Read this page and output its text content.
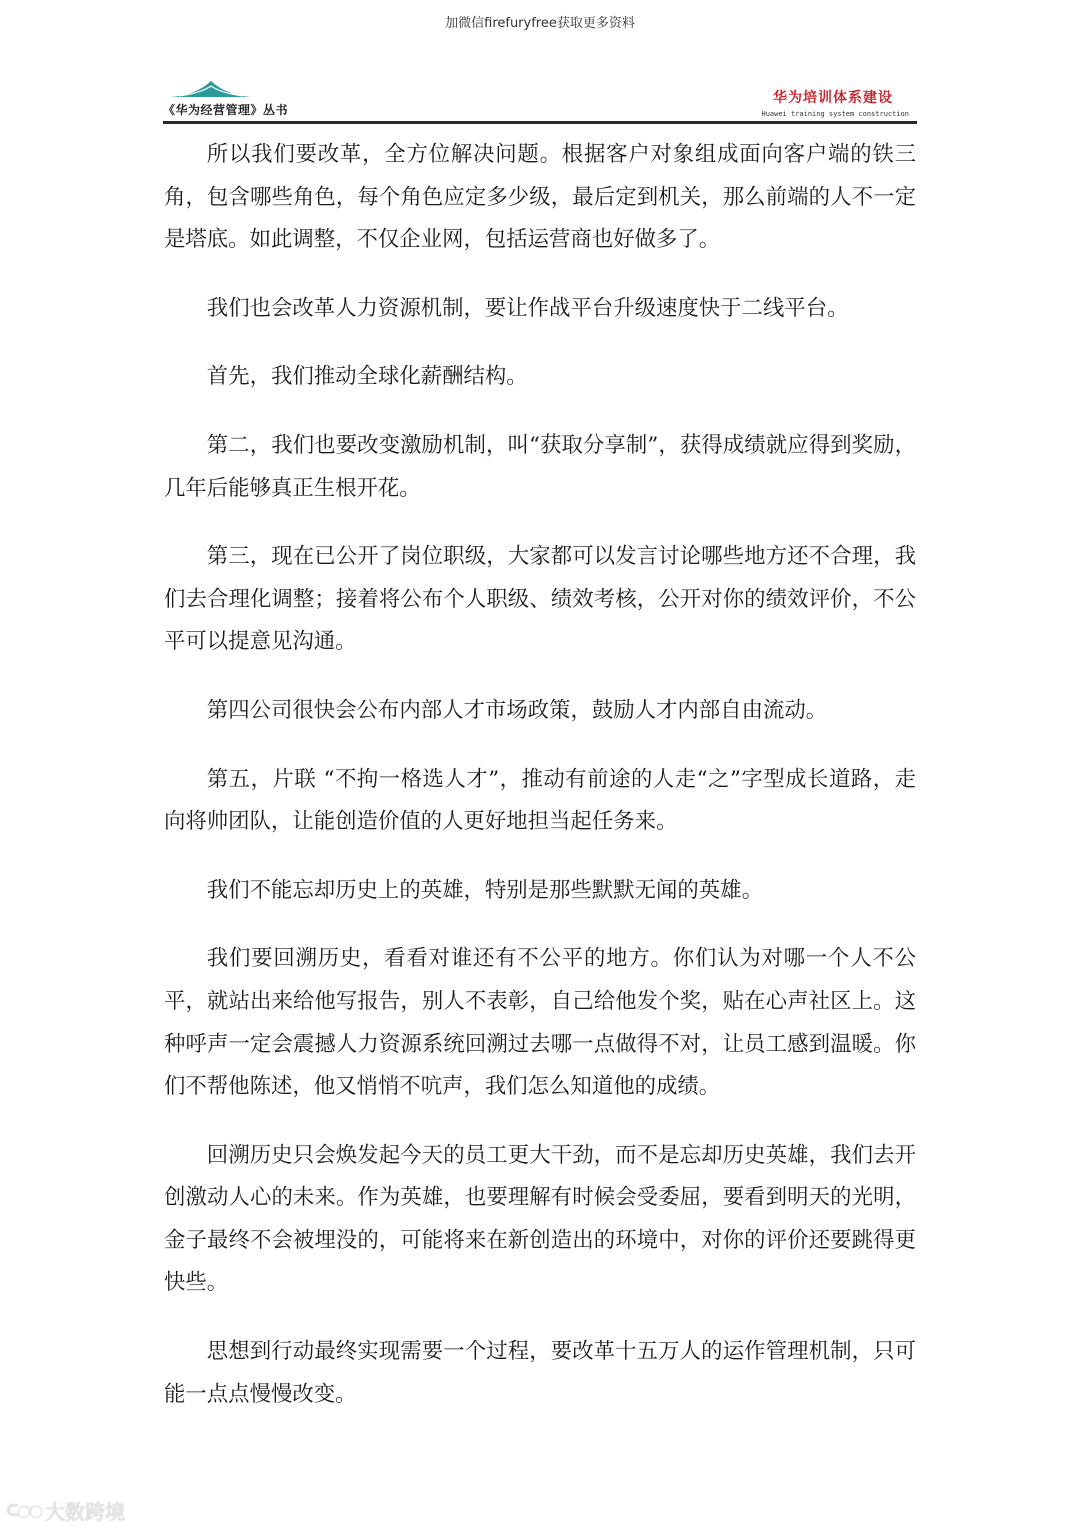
加微信firefuryfree获取更多资料
《华为经营管理》丛书
华为培训体系建设
Huawei training system construction

所以我们要改革，全方位解决问题。根据客户对象组成面向客户端的铁三角，包含哪些角色，每个角色应定多少级，最后定到机关，那么前端的人不一定是塔底。如此调整，不仅企业网，包括运营商也好做多了。

我们也会改革人力资源机制，要让作战平台升级速度快于二线平台。

首先，我们推动全球化薪酬结构。

第二，我们也要改变激励机制，叫“获取分享制”，获得成绩就应得到奖励，几年后能够真正生根开花。

第三，现在已公开了岗位职级，大家都可以发言讨论哪些地方还不合理，我们去合理化调整；接着将公布个人职级、绩效考核，公开对你的绩效评价，不公平可以提意见沟通。

第四公司很快会公布内部人才市场政策，鼓励人才内部自由流动。

第五，片联 “不拘一格选人才”，推动有前途的人走“之”字型成长道路，走向将帅团队，让能创造价值的人更好地担当起任务来。

我们不能忘却历史上的英雄，特别是那些默默无闻的英雄。

我们要回溯历史，看看对谁还有不公平的地方。你们认为对哪一个人不公平，就站出来给他写报告，别人不表彰，自己给他发个奖，贴在心声社区上。这种呼声一定会震撼人力资源系统回溯过去哪一点做得不对，让员工感到温暖。你们不帮他陈述，他又悄悄不吭声，我们怎么知道他的成绩。

回溯历史只会焕发起今天的员工更大干劲，而不是忘却历史英雄，我们去开创激动人心的未来。作为英雄，也要理解有时候会受委屈，要看到明天的光明，金子最终不会被埋没的，可能将来在新创造出的环境中，对你的评价还要跳得更快些。

思想到行动最终实现需要一个过程，要改革十五万人的运作管理机制，只可能一点点慢慢改变。

ᑕ○○ 大数跨境
